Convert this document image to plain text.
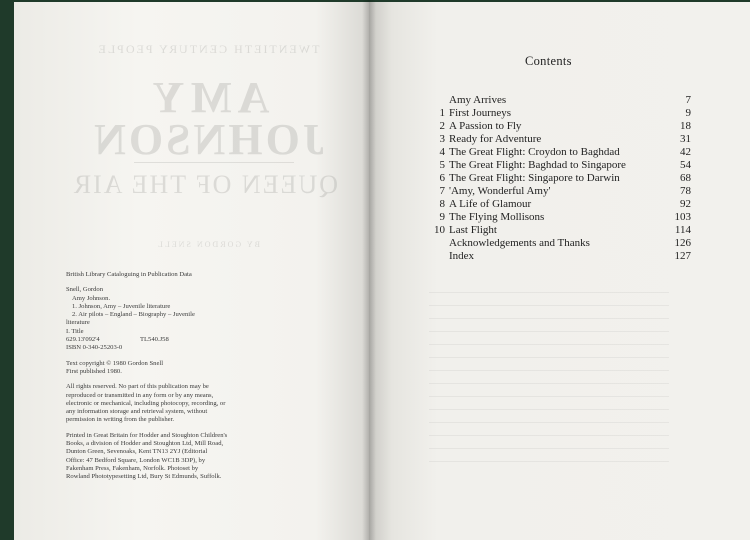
TWENTIETH CENTURY PEOPLE
AMY
JOHNSON
QUEEN OF THE AIR
BY GORDON SNELL
British Library Cataloguing in Publication Data
Snell, Gordon
Amy Johnson.
1. Johnson, Amy – Juvenile literature
2. Air pilots – England – Biography – Juvenile
literature
I. Title
629.13'092'4	TL540.J58
ISBN 0-340-25203-0
Text copyright © 1980 Gordon Snell
First published 1980.
All rights reserved. No part of this publication may be
reproduced or transmitted in any form or by any means,
electronic or mechanical, including photocopy, recording, or
any information storage and retrieval system, without
permission in writing from the publisher.
Printed in Great Britain for Hodder and Stoughton Children's
Books, a division of Hodder and Stoughton Ltd, Mill Road,
Dunton Green, Sevenoaks, Kent TN13 2YJ (Editorial
Office: 47 Bedford Square, London WC1B 3DP), by
Fakenham Press, Fakenham, Norfolk. Photoset by
Rowland Phototypesetting Ltd, Bury St Edmunds, Suffolk.
Contents
Amy Arrives	7
1 First Journeys	9
2 A Passion to Fly	18
3 Ready for Adventure	31
4 The Great Flight: Croydon to Baghdad	42
5 The Great Flight: Baghdad to Singapore	54
6 The Great Flight: Singapore to Darwin	68
7 'Amy, Wonderful Amy'	78
8 A Life of Glamour	92
9 The Flying Mollisons	103
10 Last Flight	114
Acknowledgements and Thanks	126
Index	127
